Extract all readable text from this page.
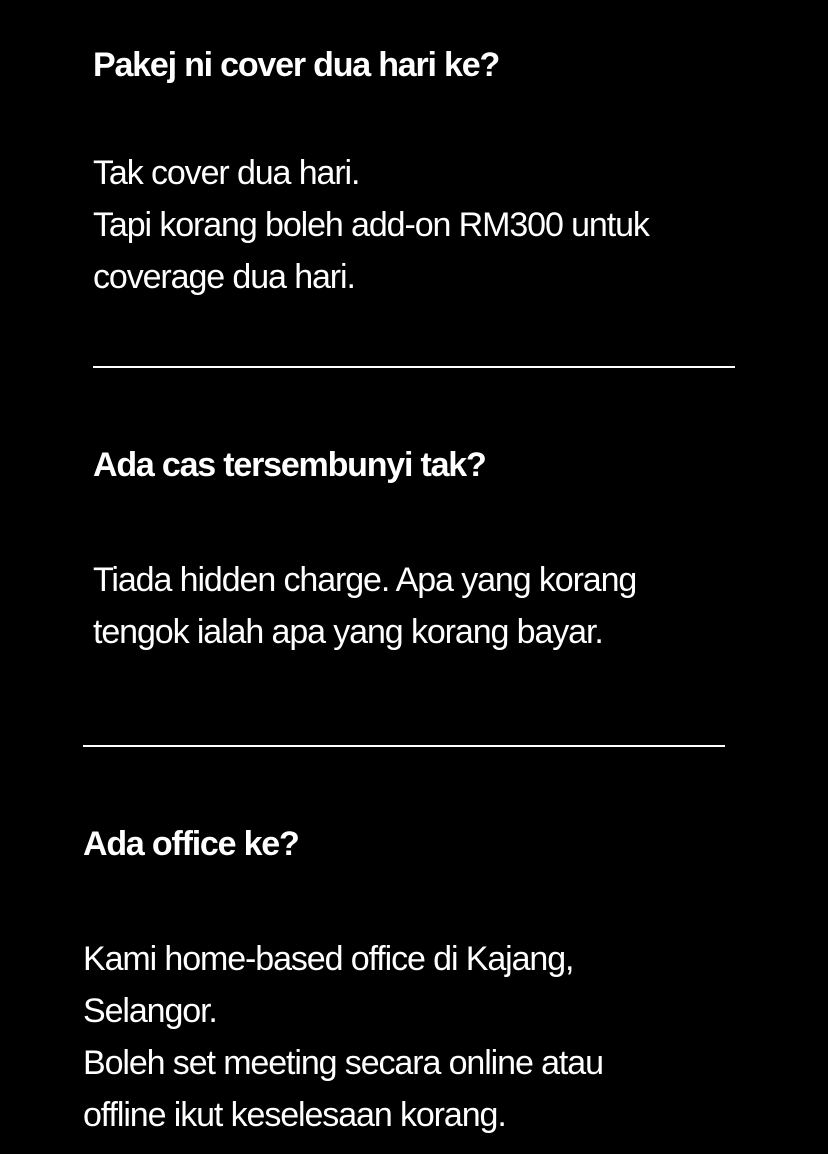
Pakej ni cover dua hari ke?

Tak cover dua hari.
Tapi korang boleh add-on RM300 untuk
coverage dua hari.

Ada cas tersembunyi tak?

Tiada hidden charge. Apa yang korang
tengok ialah apa yang korang bayar.

Ada office ke?

Kami home-based office di Kajang,
Selangor.
Boleh set meeting secara online atau
offline ikut keselesaan korang.
